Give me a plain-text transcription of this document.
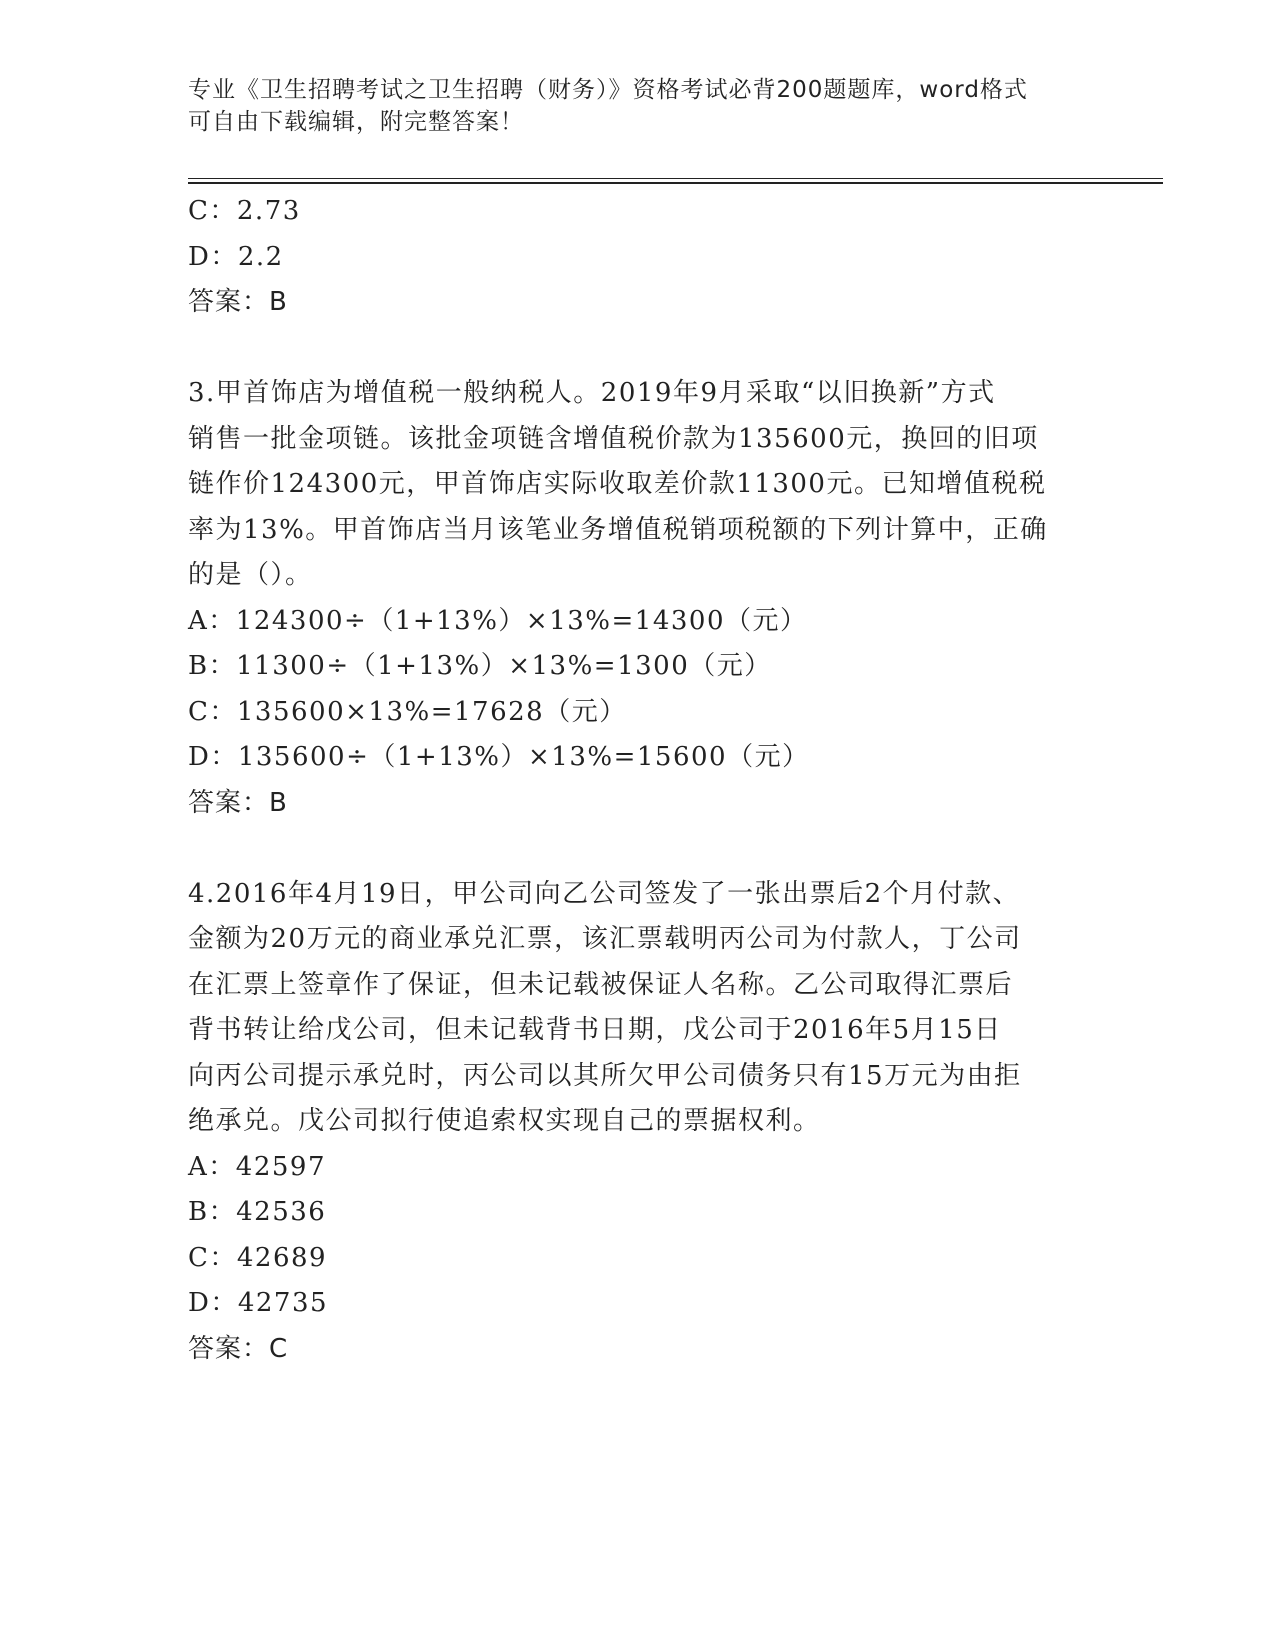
专业《卫生招聘考试之卫生招聘（财务）》资格考试必背200题题库，word格式
可自由下载编辑，附完整答案！
C：2.73
D：2.2
答案：B
3.甲首饰店为增值税一般纳税人。2019年9月采取“以旧换新”方式
销售一批金项链。该批金项链含增值税价款为135600元，换回的旧项
链作价124300元，甲首饰店实际收取差价款11300元。已知增值税税
率为13%。甲首饰店当月该笔业务增值税销项税额的下列计算中，正确
的是（）。
A：124300÷（1+13%）×13%=14300（元）
B：11300÷（1+13%）×13%=1300（元）
C：135600×13%=17628（元）
D：135600÷（1+13%）×13%=15600（元）
答案：B
4.2016年4月19日，甲公司向乙公司签发了一张出票后2个月付款、
金额为20万元的商业承兑汇票，该汇票载明丙公司为付款人，丁公司
在汇票上签章作了保证，但未记载被保证人名称。乙公司取得汇票后
背书转让给戊公司，但未记载背书日期，戊公司于2016年5月15日
向丙公司提示承兑时，丙公司以其所欠甲公司债务只有15万元为由拒
绝承兑。戊公司拟行使追索权实现自己的票据权利。
A：42597
B：42536
C：42689
D：42735
答案：C
